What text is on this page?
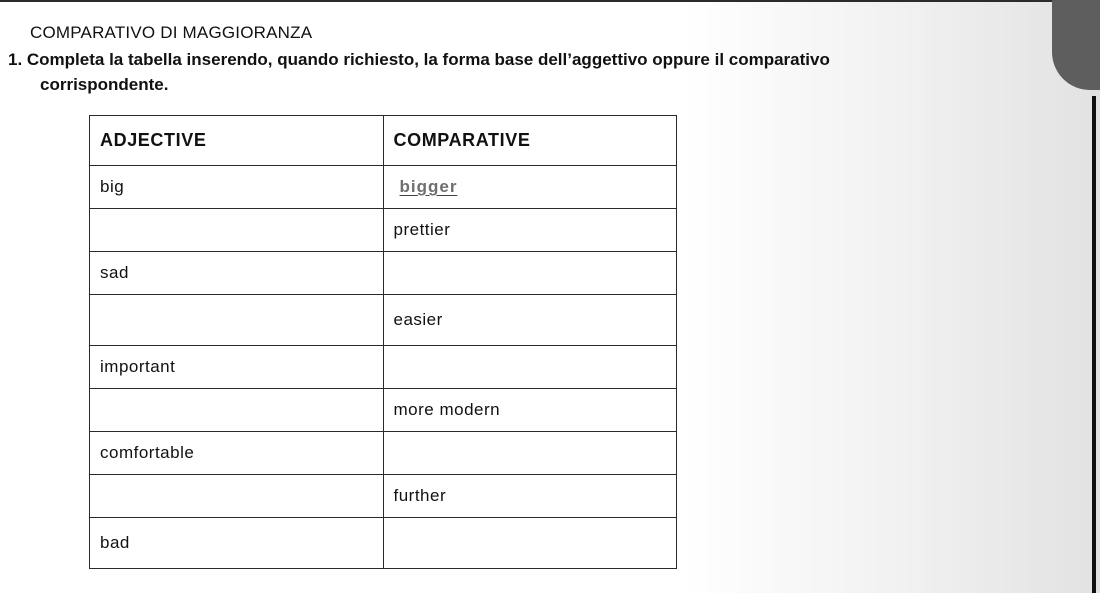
COMPARATIVO DI MAGGIORANZA

1. Completa la tabella inserendo, quando richiesto, la forma base dell’aggettivo oppure il comparativo
corrispondente.

ADJECTIVE	COMPARATIVE
big	bigger
	prettier
sad	
	easier
important	
	more modern
comfortable	
	further
bad	
